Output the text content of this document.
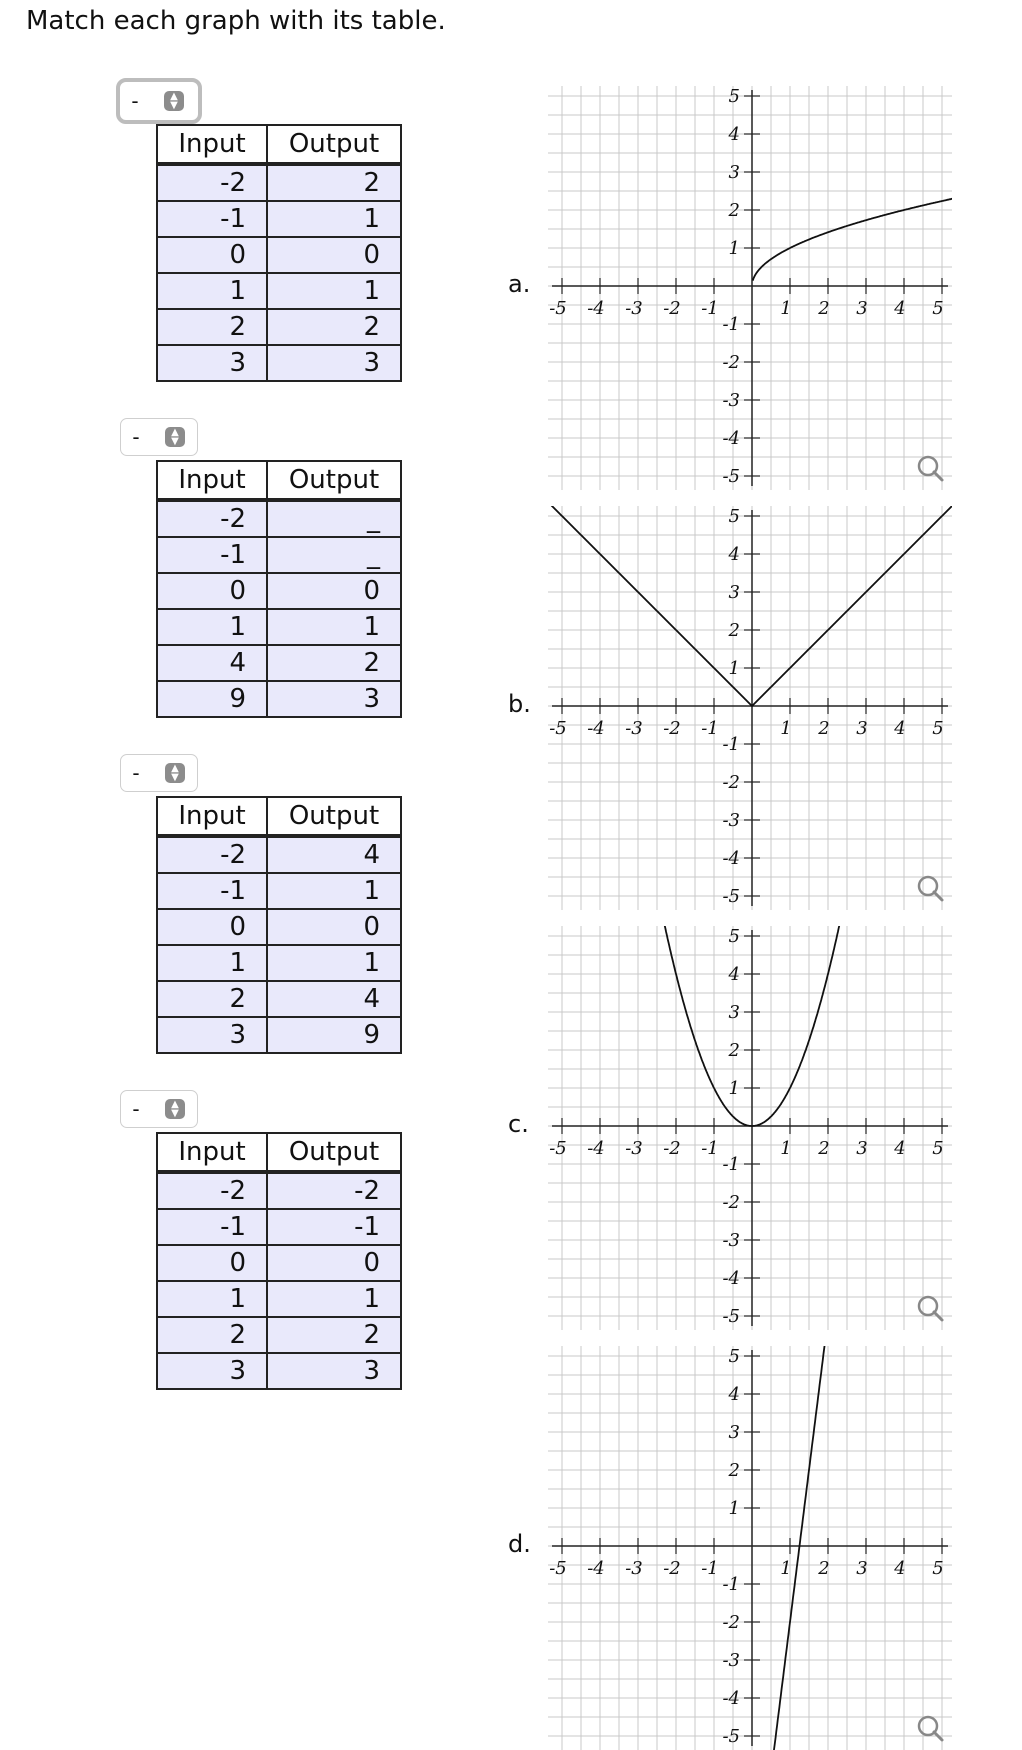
Match each graph with its table.
-	▲
▼
Input	Output
-2	2
-1	1
0	0
1	1
2	2
3	3
-	▲
▼
Input	Output
-2	_
-1	_
0	0
1	1
4	2
9	3
-	▲
▼
Input	Output
-2	4
-1	1
0	0
1	1
2	4
3	9
-	▲
▼
Input	Output
-2	-2
-1	-1
0	0
1	1
2	2
3	3
a.
-5 -4 -3 -2 -1	1 2 3 4 5
5
4
3
2
1
-1
-2
-3
-4
-5
b.
-5 -4 -3 -2 -1	1 2 3 4 5
5
4
3
2
1
-1
-2
-3
-4
-5
c.
-5 -4 -3 -2 -1	1 2 3 4 5
5
4
3
2
1
-1
-2
-3
-4
-5
d.
-5 -4 -3 -2 -1	1 2 3 4 5
5
4
3
2
1
-1
-2
-3
-4
-5
